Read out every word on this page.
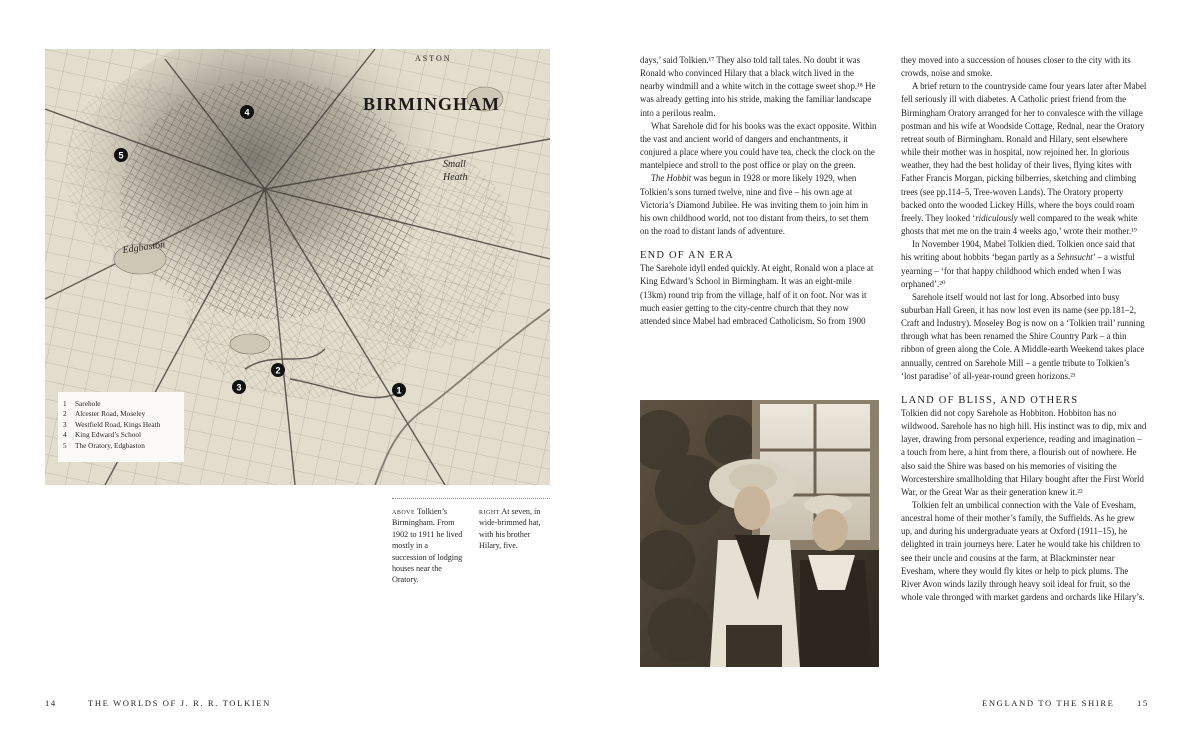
BIRMINGHAM
ASTON
Small
Heath
Edgbaston
4
5
2
3	1
1 Sarehole
2 Alcester Road, Moseley
3 Westfield Road, Kings Heath
4 King Edward’s School
5 The Oratory, Edgbaston
above Tolkien’s Birmingham. From 1902 to 1911 he lived mostly in a succession of lodging houses near the Oratory.
right At seven, in wide-brimmed hat, with his brother Hilary, five.

days,’ said Tolkien.¹⁷ They also told tall tales. No doubt it was Ronald who convinced Hilary that a black witch lived in the nearby windmill and a white witch in the cottage sweet shop.¹⁸ He was already getting into his stride, making the familiar landscape into a perilous realm.

What Sarehole did for his books was the exact opposite. Within the vast and ancient world of dangers and enchantments, it conjured a place where you could have tea, check the clock on the mantelpiece and stroll to the post office or play on the green.

The Hobbit was begun in 1928 or more likely 1929, when Tolkien’s sons turned twelve, nine and five – his own age at Victoria’s Diamond Jubilee. He was inviting them to join him in his own childhood world, not too distant from theirs, to set them on the road to distant lands of adventure.

END OF AN ERA

The Sarehole idyll ended quickly. At eight, Ronald won a place at King Edward’s School in Birmingham. It was an eight-mile (13km) round trip from the village, half of it on foot. Nor was it much easier getting to the city-centre church that they now attended since Mabel had embraced Catholicism. So from 1900

they moved into a succession of houses closer to the city with its crowds, noise and smoke.

A brief return to the countryside came four years later after Mabel fell seriously ill with diabetes. A Catholic priest friend from the Birmingham Oratory arranged for her to convalesce with the village postman and his wife at Woodside Cottage, Rednal, near the Oratory retreat south of Birmingham. Ronald and Hilary, sent elsewhere while their mother was in hospital, now rejoined her. In glorious weather, they had the best holiday of their lives, flying kites with Father Francis Morgan, picking bilberries, sketching and climbing trees (see pp.114–5, Tree-woven Lands). The Oratory property backed onto the wooded Lickey Hills, where the boys could roam freely. They looked ‘ridiculously well compared to the weak white ghosts that met me on the train 4 weeks ago,’ wrote their mother.¹⁹

In November 1904, Mabel Tolkien died. Tolkien once said that his writing about hobbits ‘began partly as a Sehnsucht’ – a wistful yearning – ‘for that happy childhood which ended when I was orphaned’.²⁰

Sarehole itself would not last for long. Absorbed into busy suburban Hall Green, it has now lost even its name (see pp.181–2, Craft and Industry). Moseley Bog is now on a ‘Tolkien trail’ running through what has been renamed the Shire Country Park – a thin ribbon of green along the Cole. A Middle-earth Weekend takes place annually, centred on Sarehole Mill – a gentle tribute to Tolkien’s ‘lost paradise’ of all-year-round green horizons.²¹

LAND OF BLISS, AND OTHERS

Tolkien did not copy Sarehole as Hobbiton. Hobbiton has no wildwood. Sarehole has no high hill. His instinct was to dip, mix and layer, drawing from personal experience, reading and imagination – a touch from here, a hint from there, a flourish out of nowhere. He also said the Shire was based on his memories of visiting the Worcestershire smallholding that Hilary bought after the First World War, or the Great War as their generation knew it.²²

Tolkien felt an umbilical connection with the Vale of Evesham, ancestral home of their mother’s family, the Suffields. As he grew up, and during his undergraduate years at Oxford (1911–15), he delighted in train journeys here. Later he would take his children to see their uncle and cousins at the farm, at Blackminster near Evesham, where they would fly kites or help to pick plums. The River Avon winds lazily through heavy soil ideal for fruit, so the whole vale thronged with market gardens and orchards like Hilary’s.

14	THE WORLDS OF J. R. R. TOLKIEN	ENGLAND TO THE SHIRE	15
